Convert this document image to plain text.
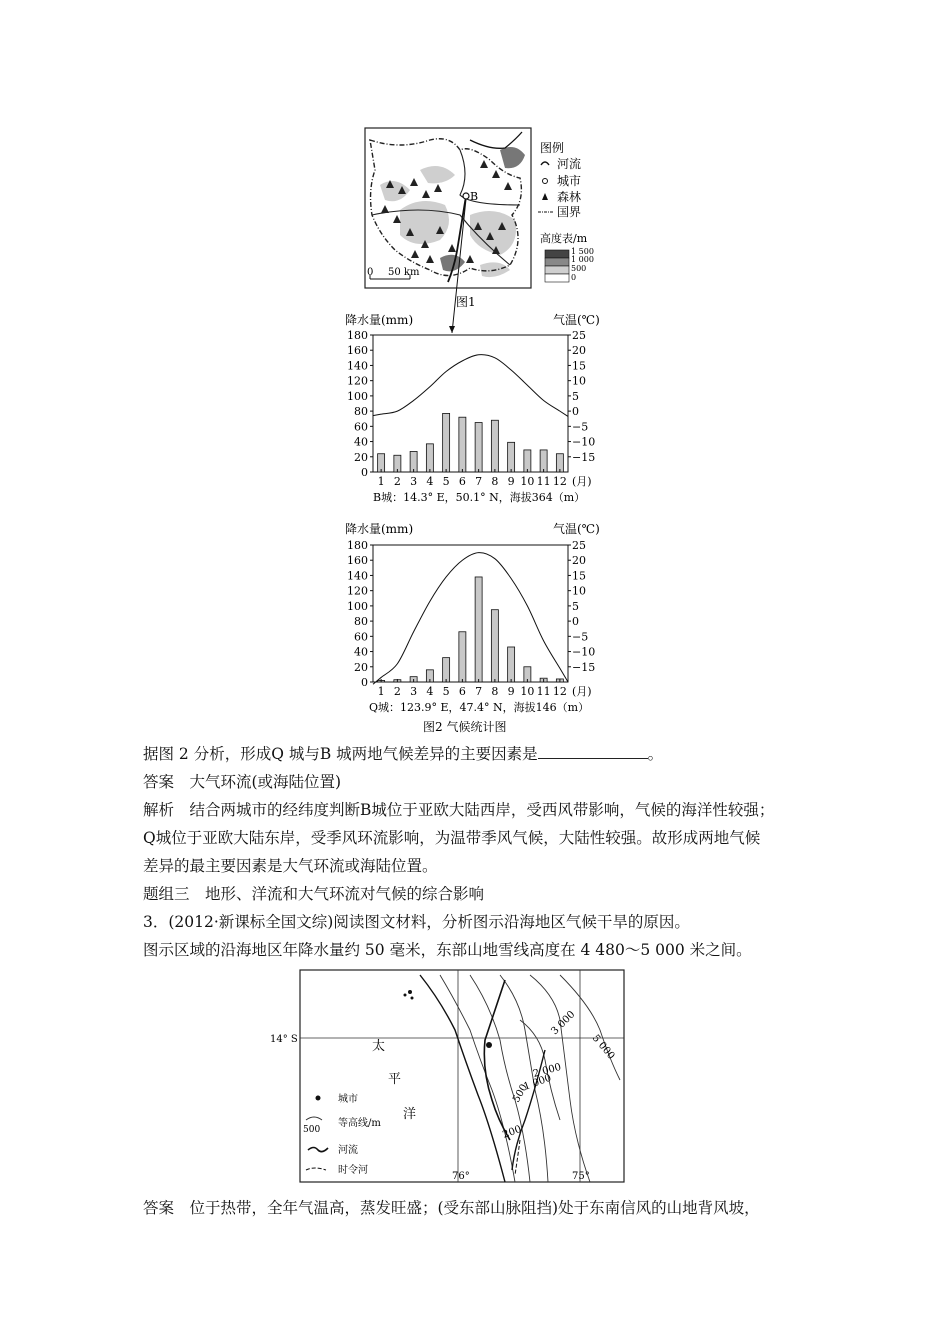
B
0 50 km
图例
河流
城市
森林
国界
高度表/m
1 500
1 000
500
0
图1
降水量(mm)	气温(℃)
0
20
40
60
80
100
120
140
160
180	25
20
15
10
5
0
−5
−10
−15
1 2 3 4 5 6 7 8 9 10 11 12 (月)
B城：14.3° E，50.1° N，海拔364（m）
降水量(mm)	气温(℃)
0
20
40
60
80
100
120
140
160
180	25
20
15
10
5
0
−5
−10
−15
1 2 3 4 5 6 7 8 9 10 11 12 (月)
Q城：123.9° E，47.4° N，海拔146（m）
图2 气候统计图
据图 2 分析，形成Q 城与B 城两地气候差异的主要因素是	。
答案　大气环流(或海陆位置)
解析　结合两城市的经纬度判断B城位于亚欧大陆西岸，受西风带影响，气候的海洋性较强；
Q城位于亚欧大陆东岸，受季风环流影响，为温带季风气候，大陆性较强。故形成两地气候
差异的最主要因素是大气环流或海陆位置。
题组三　地形、洋流和大气环流对气候的综合影响
3．(2012·新课标全国文综)阅读图文材料，分析图示沿海地区气候干旱的原因。
图示区域的沿海地区年降水量约 50 毫米，东部山地雪线高度在 4 480～5 000 米之间。
14° S
76°	75°
3 000
5 000
2 000
1 000
500
200
太
平
洋
城市
500
等高线/m
河流
时令河
答案　位于热带，全年气温高，蒸发旺盛；(受东部山脉阻挡)处于东南信风的山地背风坡，
